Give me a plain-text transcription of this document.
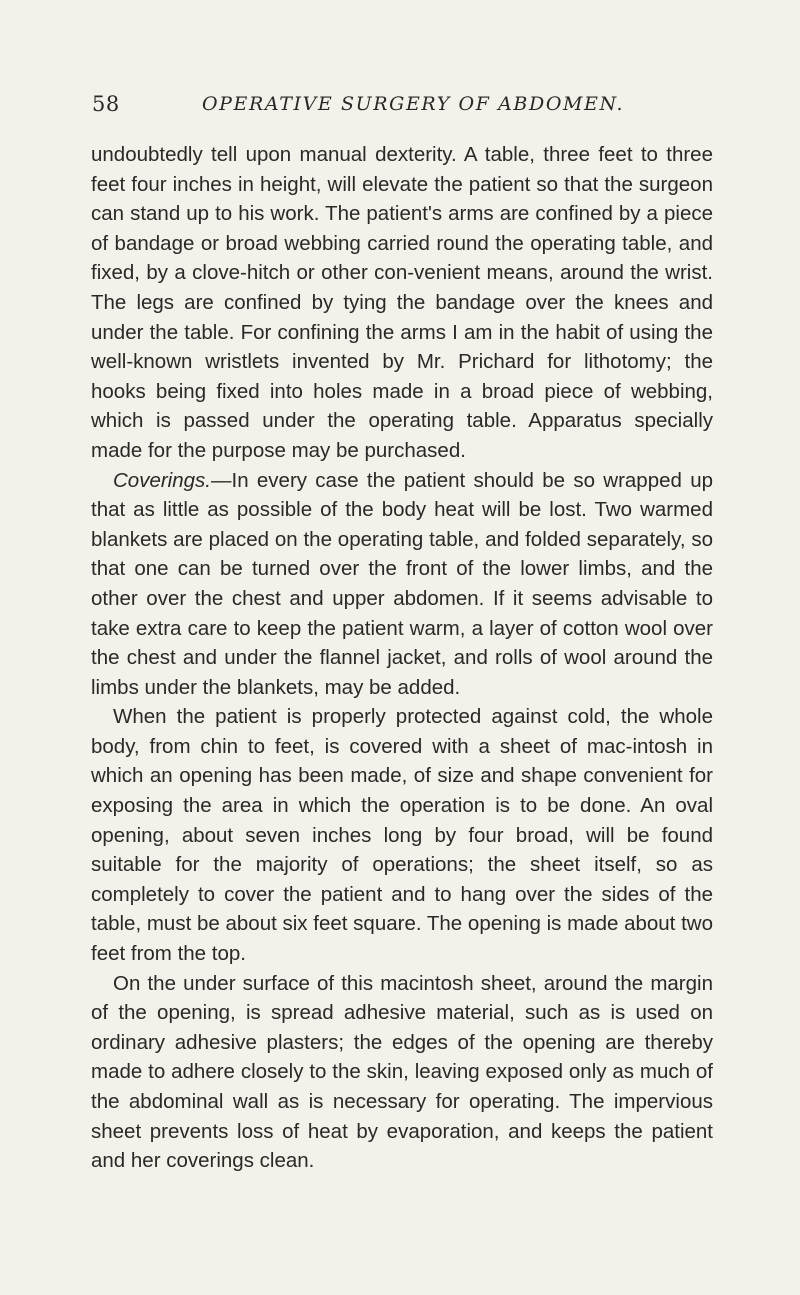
58	OPERATIVE SURGERY OF ABDOMEN.

undoubtedly tell upon manual dexterity. A table, three feet to three feet four inches in height, will elevate the patient so that the surgeon can stand up to his work. The patient's arms are confined by a piece of bandage or broad webbing carried round the operating table, and fixed, by a clove-hitch or other con-venient means, around the wrist. The legs are confined by tying the bandage over the knees and under the table. For confining the arms I am in the habit of using the well-known wristlets invented by Mr. Prichard for lithotomy; the hooks being fixed into holes made in a broad piece of webbing, which is passed under the operating table. Apparatus specially made for the purpose may be purchased.

Coverings.—In every case the patient should be so wrapped up that as little as possible of the body heat will be lost. Two warmed blankets are placed on the operating table, and folded separately, so that one can be turned over the front of the lower limbs, and the other over the chest and upper abdomen. If it seems advisable to take extra care to keep the patient warm, a layer of cotton wool over the chest and under the flannel jacket, and rolls of wool around the limbs under the blankets, may be added.

When the patient is properly protected against cold, the whole body, from chin to feet, is covered with a sheet of mac-intosh in which an opening has been made, of size and shape convenient for exposing the area in which the operation is to be done. An oval opening, about seven inches long by four broad, will be found suitable for the majority of operations; the sheet itself, so as completely to cover the patient and to hang over the sides of the table, must be about six feet square. The opening is made about two feet from the top.

On the under surface of this macintosh sheet, around the margin of the opening, is spread adhesive material, such as is used on ordinary adhesive plasters; the edges of the opening are thereby made to adhere closely to the skin, leaving exposed only as much of the abdominal wall as is necessary for operating. The impervious sheet prevents loss of heat by evaporation, and keeps the patient and her coverings clean.
